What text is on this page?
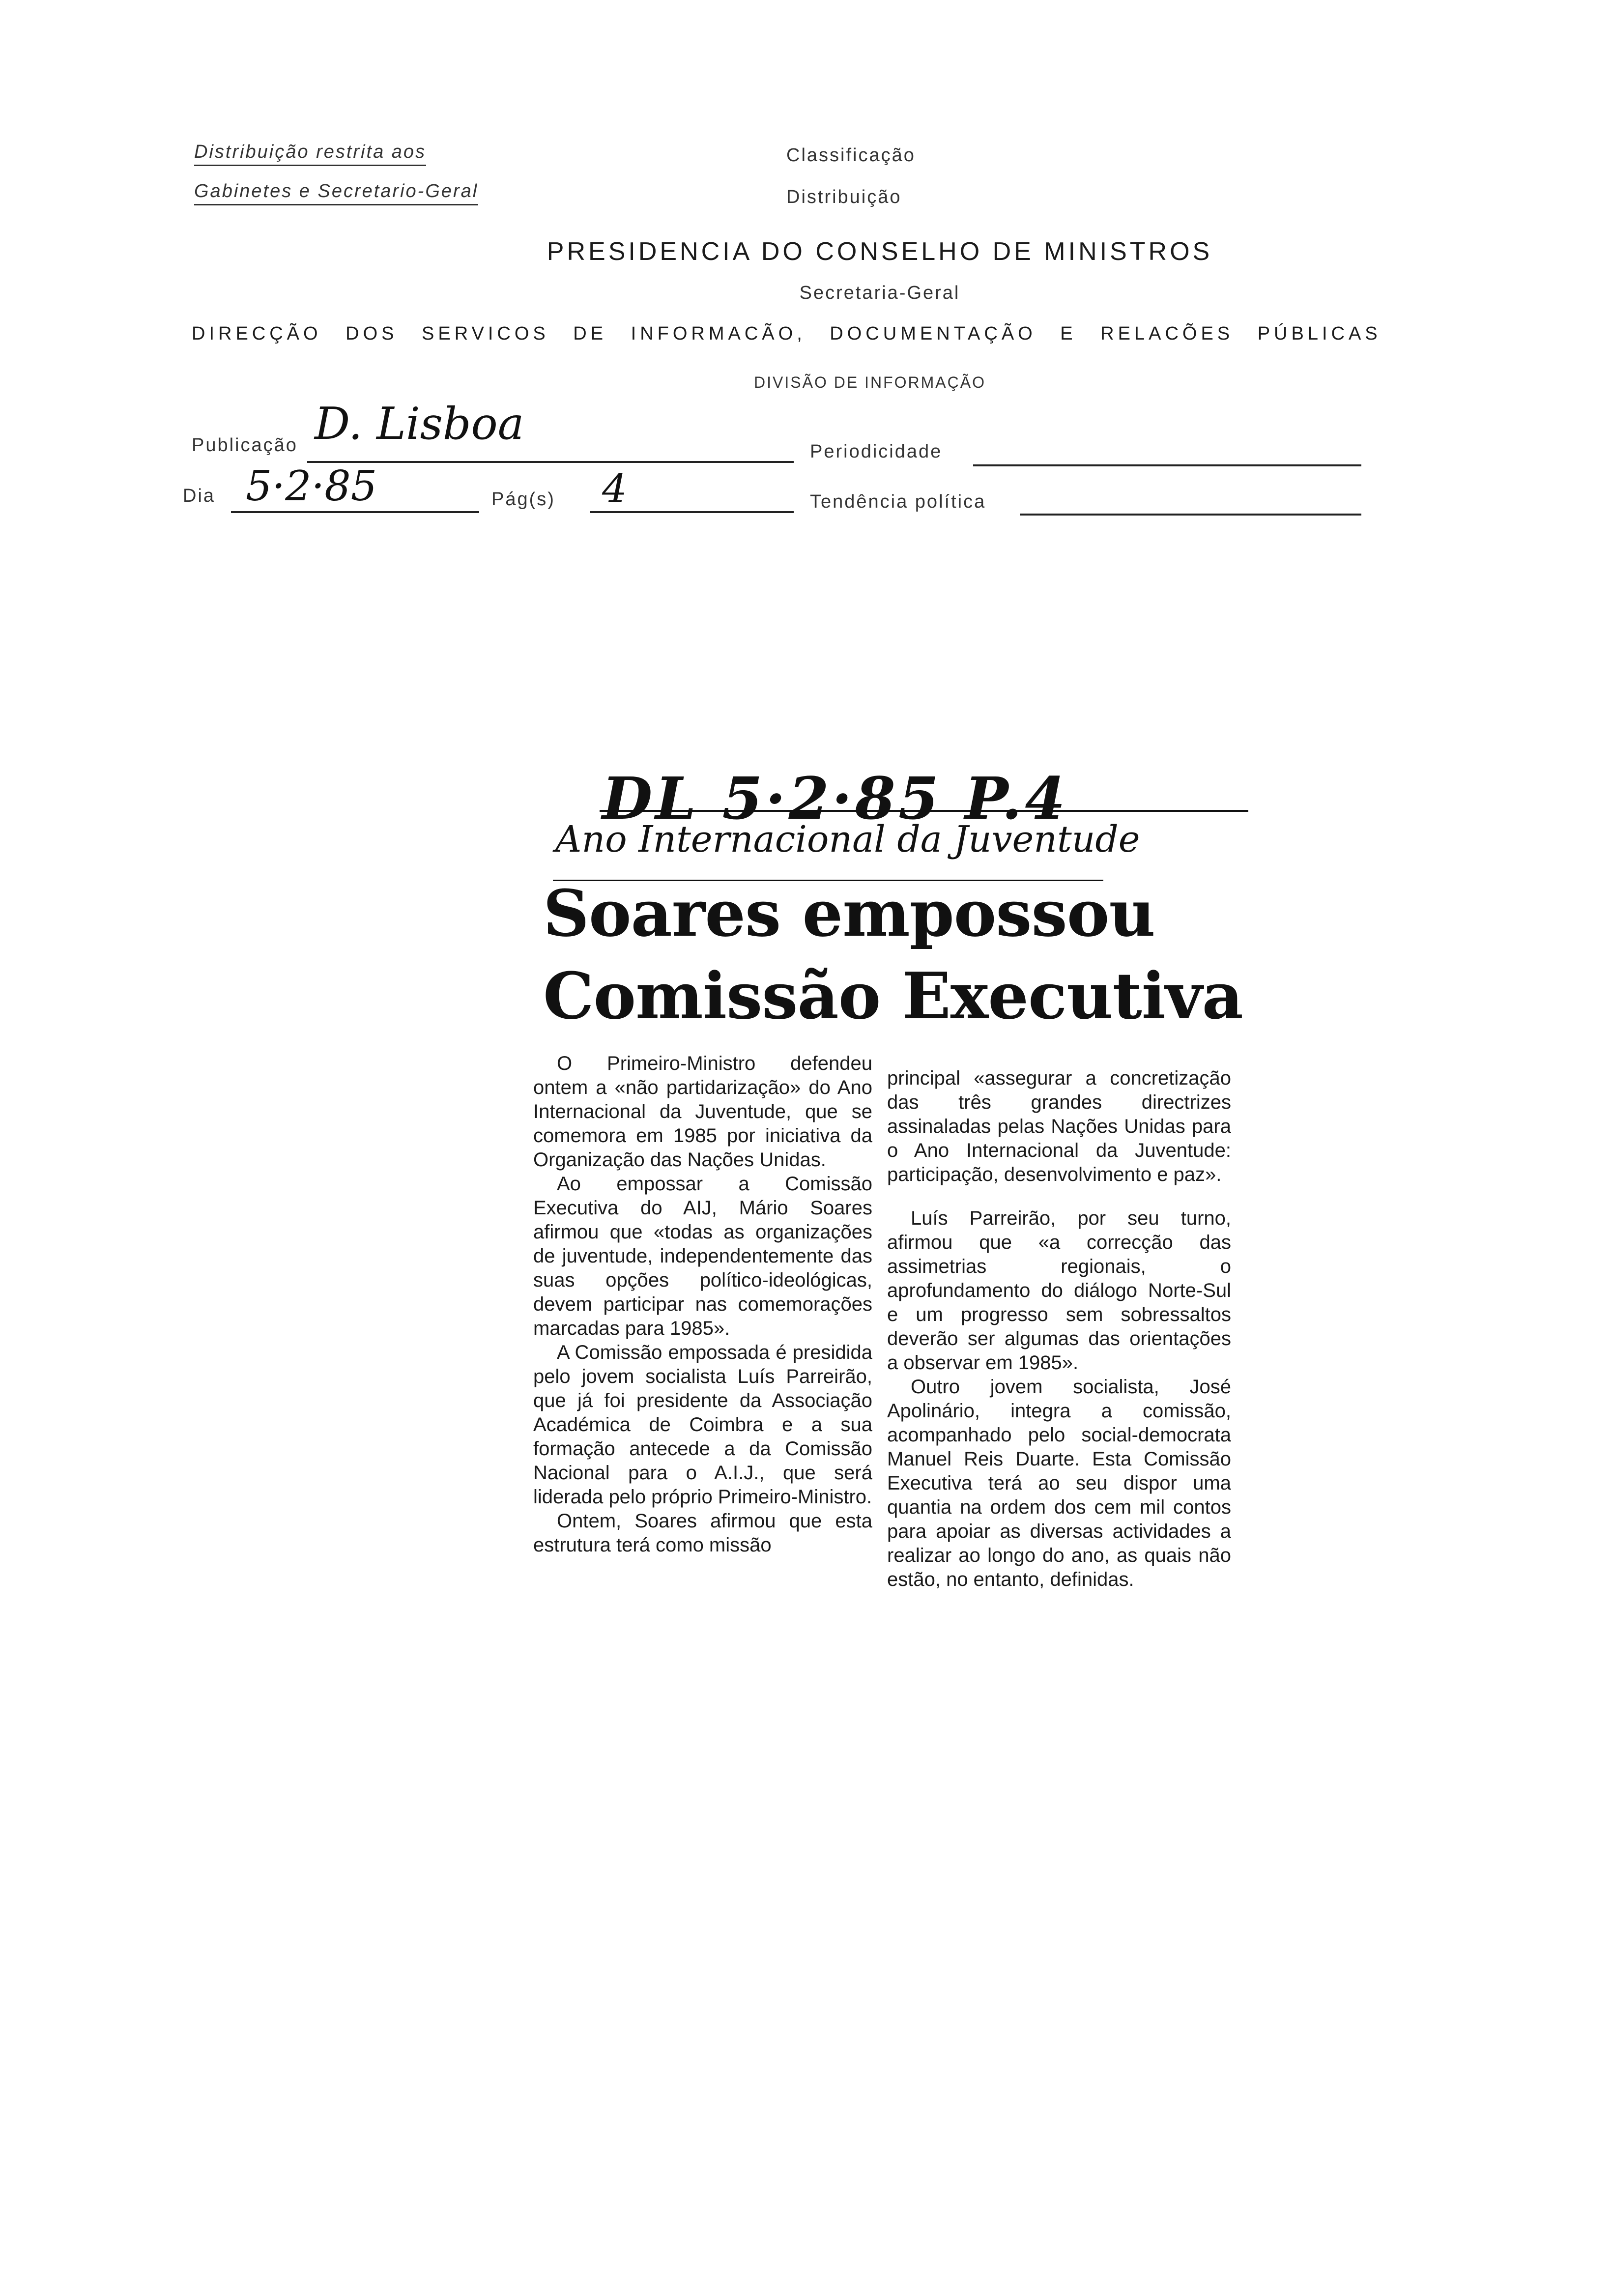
Distribuição restrita aos
Gabinetes e Secretario-Geral
Classificação
Distribuição
PRESIDENCIA DO CONSELHO DE MINISTROS
Secretaria-Geral
DIRECÇÃO DOS SERVICOS DE INFORMACÃO, DOCUMENTAÇÃO E RELACÕES PÚBLICAS
DIVISÃO DE INFORMAÇÃO
Publicação D. Lisboa
Periodicidade
Dia 5·2·85	Pág(s) 4	Tendência política
DL 5·2·85 P.4
Ano Internacional da Juventude
Soares empossou
Comissão Executiva

O Primeiro-Ministro defendeu ontem a «não partidarização» do Ano Internacional da Juventude, que se comemora em 1985 por iniciativa da Organização das Nações Unidas.

Ao empossar a Comissão Executiva do AIJ, Mário Soares afirmou que «todas as organizações de juventude, independentemente das suas opções político-ideológicas, devem participar nas comemorações marcadas para 1985».

A Comissão empossada é presidida pelo jovem socialista Luís Parreirão, que já foi presidente da Associação Académica de Coimbra e a sua formação antecede a da Comissão Nacional para o A.I.J., que será liderada pelo próprio Primeiro-Ministro.

Ontem, Soares afirmou que esta estrutura terá como missão

principal «assegurar a concretização das três grandes directrizes assinaladas pelas Nações Unidas para o Ano Internacional da Juventude: participação, desenvolvimento e paz».

Luís Parreirão, por seu turno, afirmou que «a correcção das assimetrias regionais, o aprofundamento do diálogo Norte-Sul e um progresso sem sobressaltos deverão ser algumas das orientações a observar em 1985».

Outro jovem socialista, José Apolinário, integra a comissão, acompanhado pelo social-democrata Manuel Reis Duarte. Esta Comissão Executiva terá ao seu dispor uma quantia na ordem dos cem mil contos para apoiar as diversas actividades a realizar ao longo do ano, as quais não estão, no entanto, definidas.
